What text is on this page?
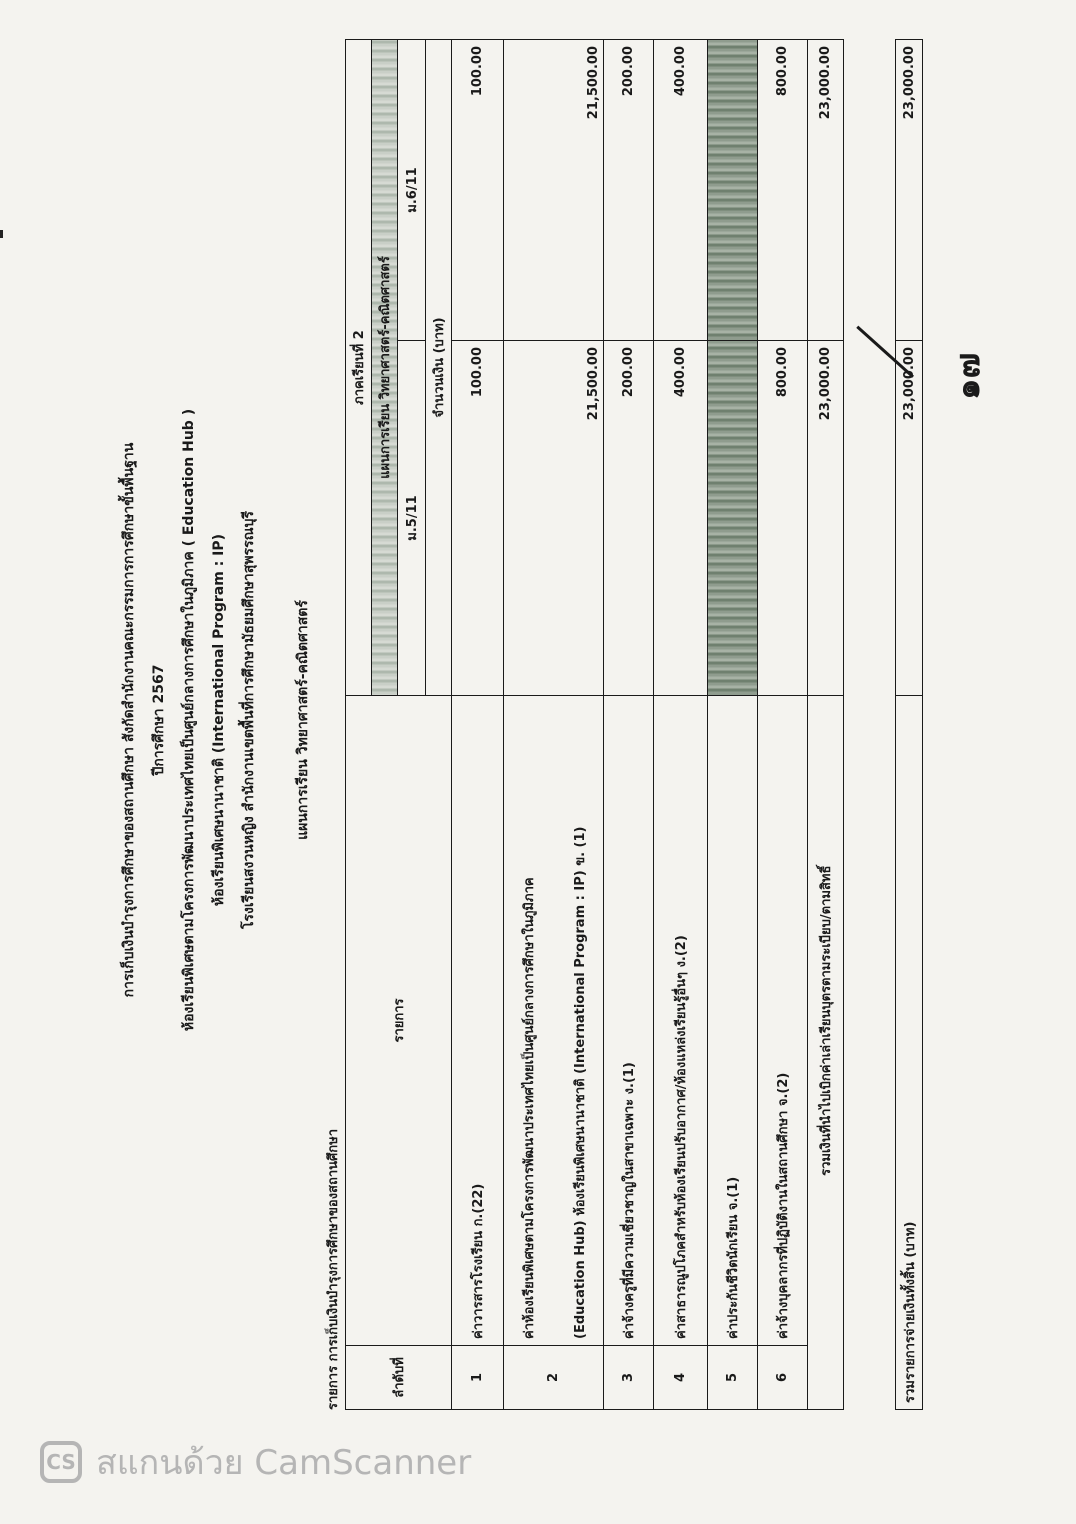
การเก็บเงินบำรุงการศึกษาของสถานศึกษา สังกัดสำนักงานคณะกรรมการการศึกษาขั้นพื้นฐาน ปีการศึกษา 2567 ห้องเรียนพิเศษตามโครงการพัฒนาประเทศไทยเป็นศูนย์กลางการศึกษาในภูมิภาค ( Education Hub ) ห้องเรียนพิเศษนานาชาติ (International Program : IP) โรงเรียนสงวนหญิง สำนักงานเขตพื้นที่การศึกษามัธยมศึกษาสุพรรณบุรี	แผนการเรียน วิทยาศาสตร์-คณิตศาสตร์
รายการ การเก็บเงินบำรุงการศึกษาของสถานศึกษา	ลำดับที่	รายการ	ภาคเรียนที่ 2	
		แผนการเรียน วิทยาศาสตร์-คณิตศาสตร์	
		ม.5/11	ม.6/11
		จำนวนเงิน (บาท)	
1	ค่าวารสารโรงเรียน ก.(22)	100.00	100.00
2	ค่าห้องเรียนพิเศษตามโครงการพัฒนาประเทศไทยเป็นศูนย์กลางการศึกษาในภูมิภาค (Education Hub) ห้องเรียนพิเศษนานาชาติ (International Program : IP) ข. (1)	21,500.00	21,500.00
3	ค่าจ้างครูที่มีความเชี่ยวชาญในสาขาเฉพาะ ง.(1)	200.00	200.00
4	ค่าสาธารณูปโภคสำหรับห้องเรียนปรับอากาศ/ห้องแหล่งเรียนรู้อื่นๆ ง.(2)	400.00	400.00
5	ค่าประกันชีวิตนักเรียน จ.(1)		
6	ค่าจ้างบุคลากรที่ปฏิบัติงานในสถานศึกษา จ.(2)	800.00	800.00
	รวมเงินที่นำไปเบิกค่าเล่าเรียนบุตรตามระเบียบ/ตามสิทธิ์	23,000.00	23,000.00
รวมรายการจ่ายเงินทั้งสิ้น (บาท)	23,000.00	23,000.00
๑๗
CS สแกนด้วย CamScanner
